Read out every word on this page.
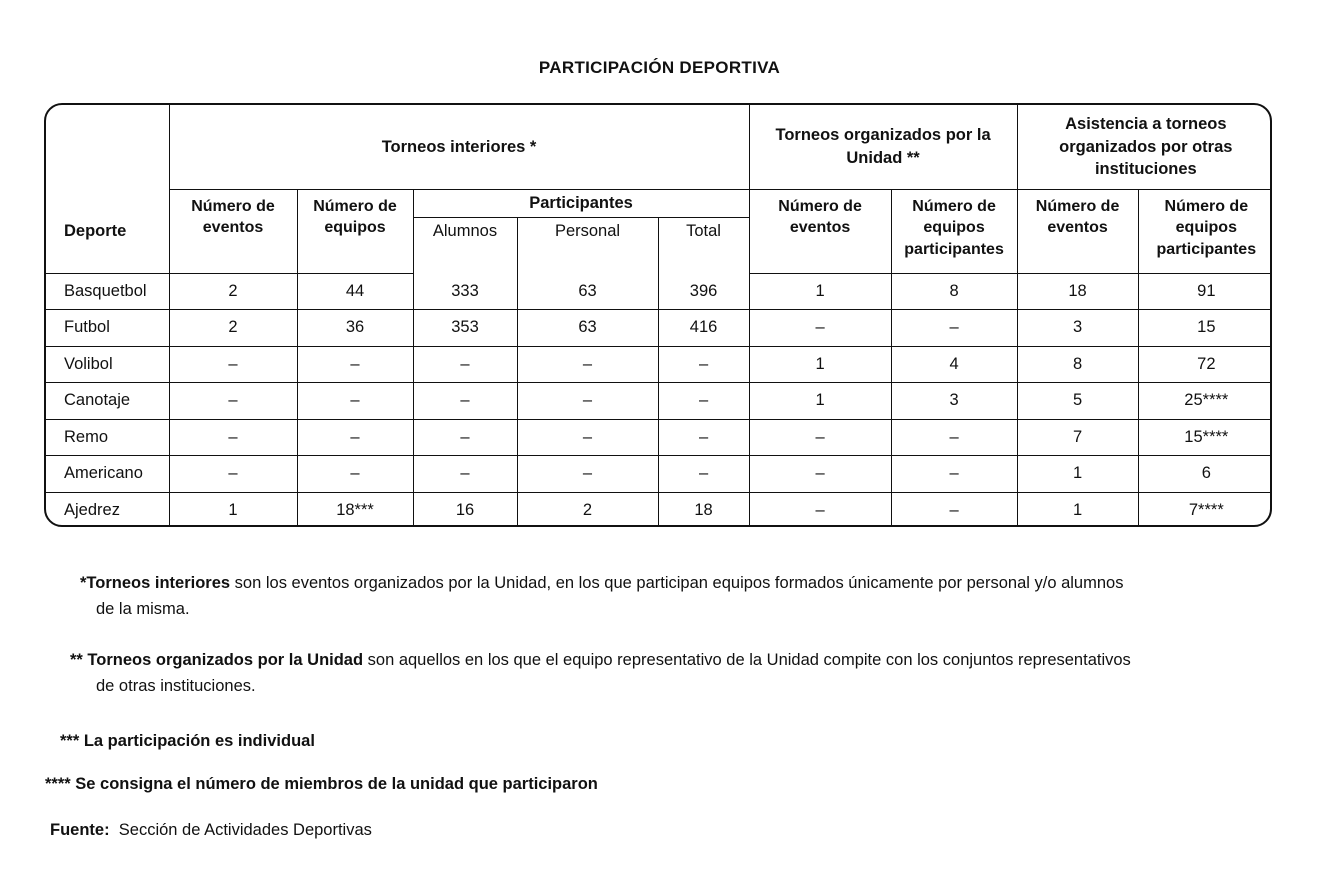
PARTICIPACIÓN DEPORTIVA
Deporte	Torneos interiores *					Torneos organizados por la Unidad **		Asistencia a torneos organizados por otras instituciones	
	Número de eventos	Número de equipos	Participantes			Número de eventos	Número de equipos participantes	Número de eventos	Número de equipos participantes
			Alumnos	Personal	Total				
Basquetbol	2	44	333	63	396	1	8	18	91
Futbol	2	36	353	63	416	–	–	3	15
Volibol	–	–	–	–	–	1	4	8	72
Canotaje	–	–	–	–	–	1	3	5	25****
Remo	–	–	–	–	–	–	–	7	15****
Americano	–	–	–	–	–	–	–	1	6
Ajedrez	1	18***	16	2	18	–	–	1	7****
*Torneos interiores son los eventos organizados por la Unidad, en los que participan equipos formados únicamente por personal y/o alumnos
de la misma.
** Torneos organizados por la Unidad son aquellos en los que el equipo representativo de la Unidad compite con los conjuntos representativos
de otras instituciones.
*** La participación es individual
**** Se consigna el número de miembros de la unidad que participaron
Fuente:  Sección de Actividades Deportivas
